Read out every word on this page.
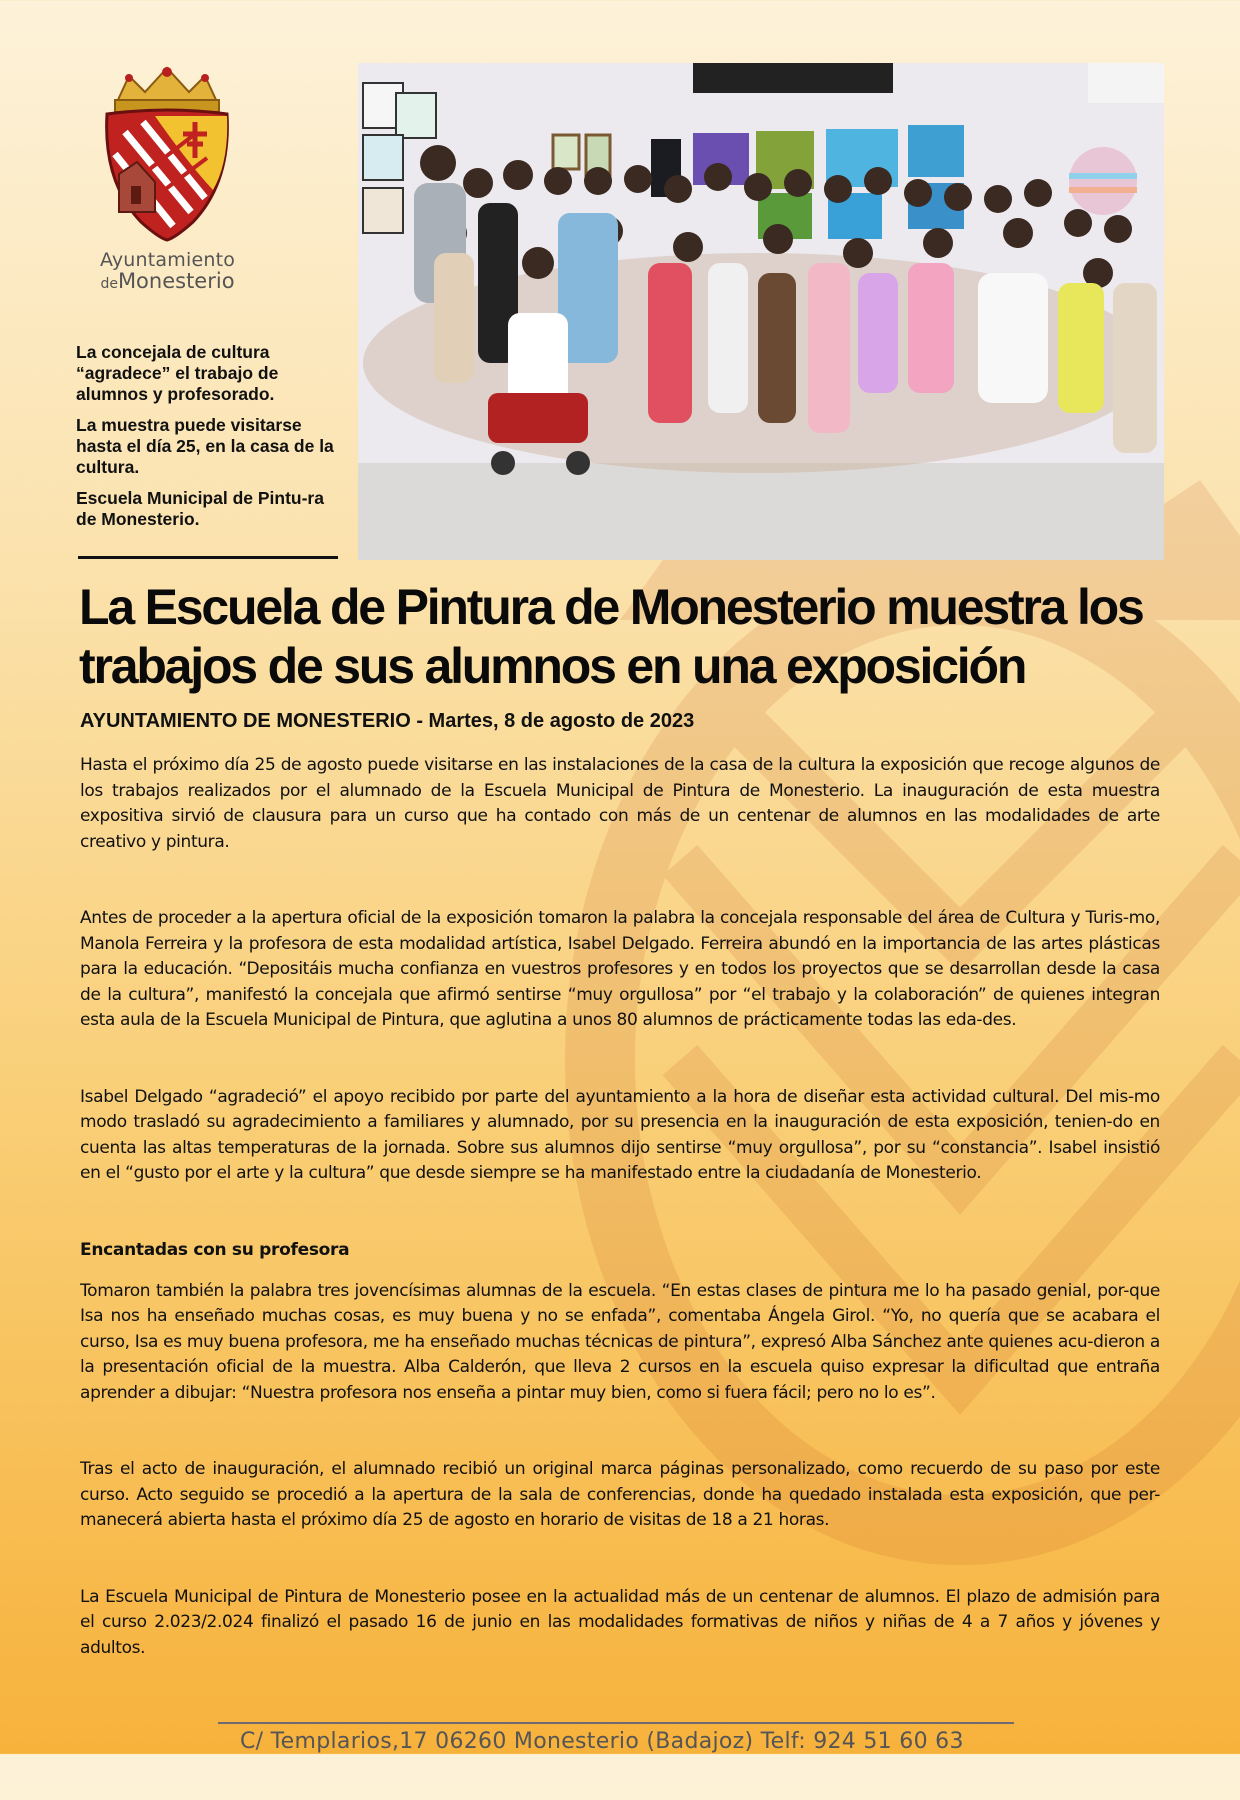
Ayuntamiento
deMonesterio

La concejala de cultura “agradece” el trabajo de alumnos y profesorado.

La muestra puede visitarse hasta el día 25, en la casa de la cultura.

Escuela Municipal de Pintu-ra de Monesterio.

La Escuela de Pintura de Monesterio muestra los trabajos de sus alumnos en una exposición

AYUNTAMIENTO DE MONESTERIO - Martes, 8 de agosto de 2023

Hasta el próximo día 25 de agosto puede visitarse en las instalaciones de la casa de la cultura la exposición que recoge algunos de los trabajos realizados por el alumnado de la Escuela Municipal de Pintura de Monesterio. La inauguración de esta muestra expositiva sirvió de clausura para un curso que ha contado con más de un centenar de alumnos en las modalidades de arte creativo y pintura.

Antes de proceder a la apertura oficial de la exposición tomaron la palabra la concejala responsable del área de Cultura y Turis-mo, Manola Ferreira y la profesora de esta modalidad artística, Isabel Delgado. Ferreira abundó en la importancia de las artes plásticas para la educación. “Depositáis mucha confianza en vuestros profesores y en todos los proyectos que se desarrollan desde la casa de la cultura”, manifestó la concejala que afirmó sentirse “muy orgullosa” por “el trabajo y la colaboración” de quienes integran esta aula de la Escuela Municipal de Pintura, que aglutina a unos 80 alumnos de prácticamente todas las eda-des.

Isabel Delgado “agradeció” el apoyo recibido por parte del ayuntamiento a la hora de diseñar esta actividad cultural. Del mis-mo modo trasladó su agradecimiento a familiares y alumnado, por su presencia en la inauguración de esta exposición, tenien-do en cuenta las altas temperaturas de la jornada. Sobre sus alumnos dijo sentirse “muy orgullosa”, por su “constancia”. Isabel insistió en el “gusto por el arte y la cultura” que desde siempre se ha manifestado entre la ciudadanía de Monesterio.

Encantadas con su profesora

Tomaron también la palabra tres jovencísimas alumnas de la escuela. “En estas clases de pintura me lo ha pasado genial, por-que Isa nos ha enseñado muchas cosas, es muy buena y no se enfada”, comentaba Ángela Girol. “Yo, no quería que se acabara el curso, Isa es muy buena profesora, me ha enseñado muchas técnicas de pintura”, expresó Alba Sánchez ante quienes acu-dieron a la presentación oficial de la muestra. Alba Calderón, que lleva 2 cursos en la escuela quiso expresar la dificultad que entraña aprender a dibujar: “Nuestra profesora nos enseña a pintar muy bien, como si fuera fácil; pero no lo es”.

Tras el acto de inauguración, el alumnado recibió un original marca páginas personalizado, como recuerdo de su paso por este curso. Acto seguido se procedió a la apertura de la sala de conferencias, donde ha quedado instalada esta exposición, que per-manecerá abierta hasta el próximo día 25 de agosto en horario de visitas de 18 a 21 horas.

La Escuela Municipal de Pintura de Monesterio posee en la actualidad más de un centenar de alumnos. El plazo de admisión para el curso 2.023/2.024 finalizó el pasado 16 de junio en las modalidades formativas de niños y niñas de 4 a 7 años y jóvenes y adultos.

C/ Templarios,17 06260 Monesterio (Badajoz) Telf: 924 51 60 63
